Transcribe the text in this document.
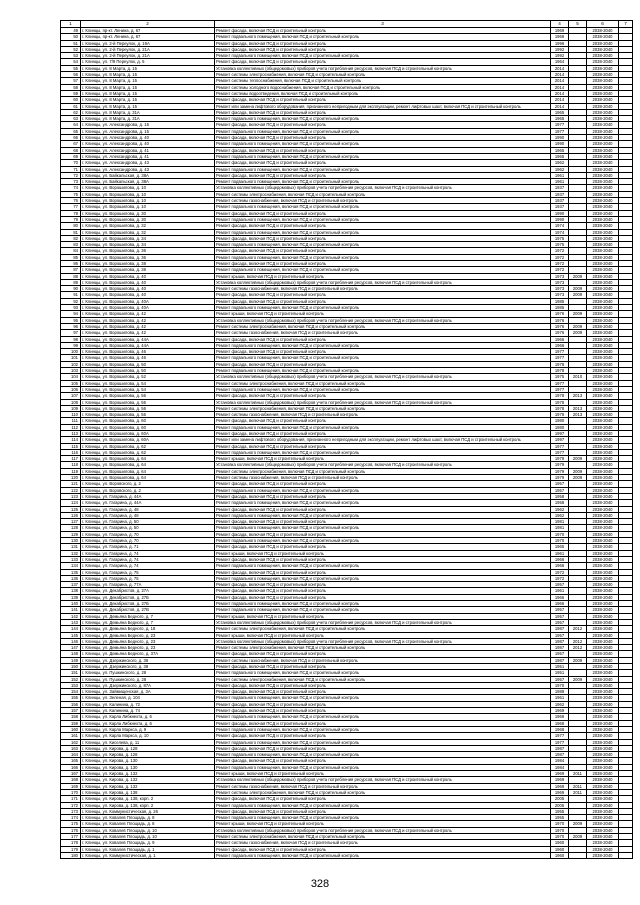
1	2	3	4	5	6	7
49	г. Клинцы, пр-кт. Ленина, д. 67	Ремонт фасада, включая ПСД и строительный контроль	1969		2038-2040	
50	г. Клинцы, пр-кт. Ленина, д. 67	Ремонт подвального помещения, включая ПСД и строительный контроль	1969		2038-2040	
51	г. Клинцы, ул. 2-й Переулок, д. 19А	Ремонт фасада, включая ПСД и строительный контроль	1996		2038-2040	
52	г. Клинцы, ул. 2-й Переулок, д. 21А	Ремонт фасада, включая ПСД и строительный контроль	1992		2038-2040	
53	г. Клинцы, ул. 2-й Переулок, д. 21А	Ремонт подвального помещения, включая ПСД и строительный контроль	1992		2038-2040	
54	г. Клинцы, ул. 7/9 Переулок, д. 5	Ремонт фасада, включая ПСД и строительный контроль	1964		2038-2040	
55	г. Клинцы, ул. 8 Марта, д. 15	Установка коллективных (общедомовых) приборов учета потребления ресурсов, включая ПСД и строительный контроль	2014		2038-2040	
56	г. Клинцы, ул. 8 Марта, д. 15	Ремонт системы электроснабжения, включая ПСД и строительный контроль	2014		2038-2040	
57	г. Клинцы, ул. 8 Марта, д. 15	Ремонт системы теплоснабжения, включая ПСД и строительный контроль	2014		2038-2040	
58	г. Клинцы, ул. 8 Марта, д. 15	Ремонт системы холодного водоснабжения, включая ПСД и строительный контроль	2014		2038-2040	
59	г. Клинцы, ул. 8 Марта, д. 15	Ремонт системы водоотведения, включая ПСД и строительный контроль	2014		2038-2040	
60	г. Клинцы, ул. 8 Марта, д. 15	Ремонт фасада, включая ПСД и строительный контроль	2014		2038-2040	
61	г. Клинцы, ул. 8 Марта, д. 15	Ремонт или замена лифтового оборудования, признанного непригодным для эксплуатации, ремонт лифтовых шахт, включая ПСД и строительный контроль	2014		2038-2040	
62	г. Клинцы, ул. 8 Марта, д. 31А	Ремонт фасада, включая ПСД и строительный контроль	1965		2038-2040	
63	г. Клинцы, ул. 8 Марта, д. 31А	Ремонт подвального помещения, включая ПСД и строительный контроль	1965		2038-2040	
64	г. Клинцы, ул. Александрова, д. 15	Ремонт фасада, включая ПСД и строительный контроль	1977		2038-2040	
65	г. Клинцы, ул. Александрова, д. 15	Ремонт подвального помещения, включая ПСД и строительный контроль	1977		2038-2040	
66	г. Клинцы, ул. Александрова, д. 40	Ремонт фасада, включая ПСД и строительный контроль	1990		2038-2040	
67	г. Клинцы, ул. Александрова, д. 40	Ремонт подвального помещения, включая ПСД и строительный контроль	1990		2038-2040	
68	г. Клинцы, ул. Александрова, д. 41	Ремонт фасада, включая ПСД и строительный контроль	1965		2038-2040	
69	г. Клинцы, ул. Александрова, д. 41	Ремонт подвального помещения, включая ПСД и строительный контроль	1965		2038-2040	
70	г. Клинцы, ул. Александрова, д. 43	Ремонт фасада, включая ПСД и строительный контроль	1962		2038-2040	
71	г. Клинцы, ул. Александрова, д. 43	Ремонт подвального помещения, включая ПСД и строительный контроль	1962		2038-2040	
72	г. Клинцы, ул. Байкальская, д. 38А	Ремонт фасада, включая ПСД и строительный контроль	1961		2038-2040	
73	г. Клинцы, ул. Байкальская, д. 38А	Ремонт подвального помещения, включая ПСД и строительный контроль	1961		2038-2040	
74	г. Клинцы, ул. Ворошилова, д. 10	Установка коллективных (общедомовых) приборов учета потребления ресурсов, включая ПСД и строительный контроль	1937		2038-2040	
75	г. Клинцы, ул. Ворошилова, д. 10	Ремонт системы электроснабжения, включая ПСД и строительный контроль	1937		2038-2040	
76	г. Клинцы, ул. Ворошилова, д. 10	Ремонт системы газоснабжения, включая ПСД и строительный контроль	1937		2038-2040	
77	г. Клинцы, ул. Ворошилова, д. 10	Ремонт подвального помещения, включая ПСД и строительный контроль	1937		2038-2040	
78	г. Клинцы, ул. Ворошилова, д. 30	Ремонт фасада, включая ПСД и строительный контроль	1990		2038-2040	
79	г. Клинцы, ул. Ворошилова, д. 30	Ремонт подвального помещения, включая ПСД и строительный контроль	1990		2038-2040	
80	г. Клинцы, ул. Ворошилова, д. 32	Ремонт фасада, включая ПСД и строительный контроль	1974		2038-2040	
81	г. Клинцы, ул. Ворошилова, д. 32	Ремонт подвального помещения, включая ПСД и строительный контроль	1974		2038-2040	
82	г. Клинцы, ул. Ворошилова, д. 34	Ремонт фасада, включая ПСД и строительный контроль	1975		2038-2040	
83	г. Клинцы, ул. Ворошилова, д. 34	Ремонт подвального помещения, включая ПСД и строительный контроль	1975		2038-2040	
84	г. Клинцы, ул. Ворошилова, д. 36	Ремонт фасада, включая ПСД и строительный контроль	1972		2038-2040	
85	г. Клинцы, ул. Ворошилова, д. 36	Ремонт подвального помещения, включая ПСД и строительный контроль	1972		2038-2040	
86	г. Клинцы, ул. Ворошилова, д. 38	Ремонт фасада, включая ПСД и строительный контроль	1972		2038-2040	
87	г. Клинцы, ул. Ворошилова, д. 38	Ремонт подвального помещения, включая ПСД и строительный контроль	1972		2038-2040	
88	г. Клинцы, ул. Ворошилова, д. 40	Ремонт крыши, включая ПСД и строительный контроль	1973	2009	2038-2040	
89	г. Клинцы, ул. Ворошилова, д. 40	Установка коллективных (общедомовых) приборов учета потребления ресурсов, включая ПСД и строительный контроль	1973		2038-2040	
90	г. Клинцы, ул. Ворошилова, д. 40	Ремонт системы газоснабжения, включая ПСД и строительный контроль	1973	2009	2038-2040	
91	г. Клинцы, ул. Ворошилова, д. 40	Ремонт фасада, включая ПСД и строительный контроль	1973	2009	2038-2040	
92	г. Клинцы, ул. Ворошилова, д. 40А	Ремонт фасада, включая ПСД и строительный контроль	1985		2038-2040	
93	г. Клинцы, ул. Ворошилова, д. 40А	Ремонт подвального помещения, включая ПСД и строительный контроль	1985		2038-2040	
94	г. Клинцы, ул. Ворошилова, д. 42	Ремонт крыши, включая ПСД и строительный контроль	1976	2009	2038-2040	
95	г. Клинцы, ул. Ворошилова, д. 42	Установка коллективных (общедомовых) приборов учета потребления ресурсов, включая ПСД и строительный контроль	1976		2038-2040	
96	г. Клинцы, ул. Ворошилова, д. 42	Ремонт системы электроснабжения, включая ПСД и строительный контроль	1976	2009	2038-2040	
97	г. Клинцы, ул. Ворошилова, д. 42	Ремонт системы газоснабжения, включая ПСД и строительный контроль	1976	2009	2038-2040	
98	г. Клинцы, ул. Ворошилова, д. 44А	Ремонт фасада, включая ПСД и строительный контроль	1966		2038-2040	
99	г. Клинцы, ул. Ворошилова, д. 44А	Ремонт подвального помещения, включая ПСД и строительный контроль	1966		2038-2040	
100	г. Клинцы, ул. Ворошилова, д. 46	Ремонт фасада, включая ПСД и строительный контроль	1977		2038-2040	
101	г. Клинцы, ул. Ворошилова, д. 46	Ремонт подвального помещения, включая ПСД и строительный контроль	1977		2038-2040	
102	г. Клинцы, ул. Ворошилова, д. 50	Ремонт фасада, включая ПСД и строительный контроль	1978		2038-2040	
103	г. Клинцы, ул. Ворошилова, д. 50	Ремонт подвального помещения, включая ПСД и строительный контроль	1978		2038-2040	
104	г. Клинцы, ул. Ворошилова, д. 52	Установка коллективных (общедомовых) приборов учета потребления ресурсов, включая ПСД и строительный контроль	1975	2010	2038-2040	
105	г. Клинцы, ул. Ворошилова, д. 54	Ремонт системы электроснабжения, включая ПСД и строительный контроль	1977		2038-2040	
106	г. Клинцы, ул. Ворошилова, д. 54	Ремонт подвального помещения, включая ПСД и строительный контроль	1977		2038-2040	
107	г. Клинцы, ул. Ворошилова, д. 56	Ремонт фасада, включая ПСД и строительный контроль	1978	2013	2038-2040	
108	г. Клинцы, ул. Ворошилова, д. 56	Установка коллективных (общедомовых) приборов учета потребления ресурсов, включая ПСД и строительный контроль	1978		2038-2040	
109	г. Клинцы, ул. Ворошилова, д. 56	Ремонт системы электроснабжения, включая ПСД и строительный контроль	1978	2013	2038-2040	
110	г. Клинцы, ул. Ворошилова, д. 56	Ремонт системы газоснабжения, включая ПСД и строительный контроль	1978	2013	2038-2040	
111	г. Клинцы, ул. Ворошилова, д. 60	Ремонт фасада, включая ПСД и строительный контроль	1980		2038-2040	
112	г. Клинцы, ул. Ворошилова, д. 60	Ремонт подвального помещения, включая ПСД и строительный контроль	1980		2038-2040	
113	г. Клинцы, ул. Ворошилова, д. 60А	Ремонт фасада, включая ПСД и строительный контроль	1997		2038-2040	
114	г. Клинцы, ул. Ворошилова, д. 60А	Ремонт или замена лифтового оборудования, признанного непригодным для эксплуатации, ремонт лифтовых шахт, включая ПСД и строительный контроль	1997		2038-2040	
115	г. Клинцы, ул. Ворошилова, д. 62	Ремонт фасада, включая ПСД и строительный контроль	1977		2038-2040	
116	г. Клинцы, ул. Ворошилова, д. 62	Ремонт подвального помещения, включая ПСД и строительный контроль	1977		2038-2040	
117	г. Клинцы, ул. Ворошилова, д. 64	Ремонт крыши, включая ПСД и строительный контроль	1979	2009	2038-2040	
118	г. Клинцы, ул. Ворошилова, д. 64	Установка коллективных (общедомовых) приборов учета потребления ресурсов, включая ПСД и строительный контроль	1979		2038-2040	
119	г. Клинцы, ул. Ворошилова, д. 64	Ремонт системы электроснабжения, включая ПСД и строительный контроль	1979	2009	2038-2040	
120	г. Клинцы, ул. Ворошилова, д. 64	Ремонт системы газоснабжения, включая ПСД и строительный контроль	1979	2009	2038-2040	
121	г. Клинцы, ул. Воровского, д. 2	Ремонт фасада, включая ПСД и строительный контроль	1957		2038-2040	
122	г. Клинцы, ул. Воровского, д. 2	Ремонт подвального помещения, включая ПСД и строительный контроль	1957		2038-2040	
123	г. Клинцы, ул. Гагарина, д. 44А	Ремонт фасада, включая ПСД и строительный контроль	1958		2038-2040	
124	г. Клинцы, ул. Гагарина, д. 44А	Ремонт подвального помещения, включая ПСД и строительный контроль	1958		2038-2040	
125	г. Клинцы, ул. Гагарина, д. 48	Ремонт фасада, включая ПСД и строительный контроль	1962		2038-2040	
126	г. Клинцы, ул. Гагарина, д. 48	Ремонт подвального помещения, включая ПСД и строительный контроль	1962		2038-2040	
127	г. Клинцы, ул. Гагарина, д. 50	Ремонт фасада, включая ПСД и строительный контроль	1981		2038-2040	
128	г. Клинцы, ул. Гагарина, д. 50	Ремонт подвального помещения, включая ПСД и строительный контроль	1981		2038-2040	
129	г. Клинцы, ул. Гагарина, д. 70	Ремонт фасада, включая ПСД и строительный контроль	1970		2038-2040	
130	г. Клинцы, ул. Гагарина, д. 70	Ремонт подвального помещения, включая ПСД и строительный контроль	1970		2038-2040	
131	г. Клинцы, ул. Гагарина, д. 71	Ремонт фасада, включая ПСД и строительный контроль	1965		2038-2040	
132	г. Клинцы, ул. Гагарина, д. 74	Ремонт крыши, включая ПСД и строительный контроль	1961		2038-2040	
133	г. Клинцы, ул. Гагарина, д. 74	Ремонт фасада, включая ПСД и строительный контроль	1966		2038-2040	
134	г. Клинцы, ул. Гагарина, д. 74	Ремонт подвального помещения, включая ПСД и строительный контроль	1966		2038-2040	
135	г. Клинцы, ул. Гагарина, д. 75	Ремонт фасада, включая ПСД и строительный контроль	1972		2038-2040	
136	г. Клинцы, ул. Гагарина, д. 75	Ремонт подвального помещения, включая ПСД и строительный контроль	1972		2038-2040	
137	г. Клинцы, ул. Гагарина, д. 77А	Ремонт фасада, включая ПСД и строительный контроль	1957		2038-2040	
138	г. Клинцы, ул. Декабристов, д. 27А	Ремонт фасада, включая ПСД и строительный контроль	1961		2038-2040	
139	г. Клинцы, ул. Декабристов, д. 27Б	Ремонт фасада, включая ПСД и строительный контроль	1966		2038-2040	
140	г. Клинцы, ул. Декабристов, д. 27Б	Ремонт подвального помещения, включая ПСД и строительный контроль	1966		2038-2040	
141	г. Клинцы, ул. Декабристов, д. 27В	Ремонт подвального помещения, включая ПСД и строительный контроль	1957		2038-2040	
142	г. Клинцы, ул. Демьяна Бедного, д. 7	Ремонт крыши, включая ПСД и строительный контроль	1957		2038-2040	
143	г. Клинцы, ул. Демьяна Бедного, д. 7	Установка коллективных (общедомовых) приборов учета потребления ресурсов, включая ПСД и строительный контроль	1957		2038-2040	
144	г. Клинцы, ул. Демьяна Бедного, д. 18	Ремонт системы электроснабжения, включая ПСД и строительный контроль	1987	2012	2038-2040	
145	г. Клинцы, ул. Демьяна Бедного, д. 23	Ремонт крыши, включая ПСД и строительный контроль	1957		2038-2040	
146	г. Клинцы, ул. Демьяна Бедного, д. 23	Установка коллективных (общедомовых) приборов учета потребления ресурсов, включая ПСД и строительный контроль	1987	2012	2038-2040	
147	г. Клинцы, ул. Демьяна Бедного, д. 23	Ремонт системы электроснабжения, включая ПСД и строительный контроль	1987	2012	2038-2040	
148	г. Клинцы, ул. Демьяна Бедного, д. 37А	Ремонт фасада, включая ПСД и строительный контроль	1957		2038-2040	
149	г. Клинцы, ул. Дзержинского, д. 38	Ремонт системы газоснабжения, включая ПСД и строительный контроль	1987	2009	2038-2040	
150	г. Клинцы, ул. Дзержинского, д. 38	Ремонт фасада, включая ПСД и строительный контроль	1951		2038-2040	
151	г. Клинцы, ул. Пушкинского, д. 28	Ремонт подвального помещения, включая ПСД и строительный контроль	1951		2038-2040	
152	г. Клинцы, ул. Пушкинского, д. 28	Ремонт системы электроснабжения, включая ПСД и строительный контроль	1957	2009	2038-2040	
153	г. Клинцы, ул. Дзержинского, д. 87А	Ремонт фасада, включая ПСД и строительный контроль	1970		2038-2040	
154	г. Клинцы, ул. Займищенская, д. 3А	Ремонт фасада, включая ПСД и строительный контроль	1989		2038-2040	
155	г. Клинцы, ул. Зеленая, д. 104	Ремонт подвального помещения, включая ПСД и строительный контроль	1961		2038-2040	
156	г. Клинцы, ул. Калинина, д. 72	Ремонт фасада, включая ПСД и строительный контроль	1962		2038-2040	
157	г. Клинцы, ул. Калинина, д. 74	Ремонт фасада, включая ПСД и строительный контроль	1969		2038-2040	
158	г. Клинцы, ул. Карла Либкнехта, д. 6	Ремонт подвального помещения, включая ПСД и строительный контроль	1969		2038-2040	
159	г. Клинцы, ул. Карла Либкнехта, д. 6	Ремонт фасада, включая ПСД и строительный контроль	1968		2038-2040	
160	г. Клинцы, ул. Карла Маркса, д. 9	Ремонт подвального помещения, включая ПСД и строительный контроль	1968		2038-2040	
161	г. Клинцы, ул. Карла Маркса, д. 10	Ремонт фасада, включая ПСД и строительный контроль	1977		2038-2040	
162	г. Клинцы, ул. Киселева, д. 11	Ремонт подвального помещения, включая ПСД и строительный контроль	1977		2038-2040	
163	г. Клинцы, ул. Кирова, д. 128	Ремонт фасада, включая ПСД и строительный контроль	1987		2038-2040	
164	г. Клинцы, ул. Кирова, д. 128	Ремонт подвального помещения, включая ПСД и строительный контроль	1987		2038-2040	
165	г. Клинцы, ул. Кирова, д. 130	Ремонт фасада, включая ПСД и строительный контроль	1984		2038-2040	
166	г. Клинцы, ул. Кирова, д. 130	Ремонт подвального помещения, включая ПСД и строительный контроль	1984		2038-2040	
167	г. Клинцы, ул. Кирова, д. 132	Ремонт крыши, включая ПСД и строительный контроль	1969	2011	2038-2040	
168	г. Клинцы, ул. Кирова, д. 132	Установка коллективных (общедомовых) приборов учета потребления ресурсов, включая ПСД и строительный контроль	1969		2038-2040	
169	г. Клинцы, ул. Кирова, д. 132	Ремонт системы газоснабжения, включая ПСД и строительный контроль	1969	2011	2038-2040	
170	г. Клинцы, ул. Кирова, д. 138	Ремонт системы электроснабжения, включая ПСД и строительный контроль	1969	2011	2038-2040	
171	г. Клинцы, ул. Кирова, д. 138, корп. 2	Ремонт фасада, включая ПСД и строительный контроль	2005		2038-2040	
172	г. Клинцы, ул. Кирова, д. 138, корп. 2	Ремонт подвального помещения, включая ПСД и строительный контроль	2005		2038-2040	
173	г. Клинцы, ул. Коммунистическая, д. 26	Ремонт фасада, включая ПСД и строительный контроль	1955		2038-2040	
174	г. Клинцы, ул. Ковалев Площадь, д. 8	Ремонт подвального помещения, включая ПСД и строительный контроль	1955		2038-2040	
175	г. Клинцы, ул. Ковалев Площадь, д. 8	Ремонт крыши, включая ПСД и строительный контроль	1970	2009	2038-2040	
176	г. Клинцы, ул. Ковалев Площадь, д. 10	Установка коллективных (общедомовых) приборов учета потребления ресурсов, включая ПСД и строительный контроль	1970		2038-2040	
177	г. Клинцы, ул. Ковалев Площадь, д. 10	Ремонт системы электроснабжения, включая ПСД и строительный контроль	1970	2009	2038-2040	
178	г. Клинцы, ул. Ковалев Площадь, д. 9	Ремонт системы газоснабжения, включая ПСД и строительный контроль	1960		2038-2040	
179	г. Клинцы, ул. Ковалев Площадь, д. 1	Ремонт фасада, включая ПСД и строительный контроль	1960		2038-2040	
180	г. Клинцы, ул. Коммунистическая, д. 1	Ремонт подвального помещения, включая ПСД и строительный контроль	1960		2038-2040	
328
